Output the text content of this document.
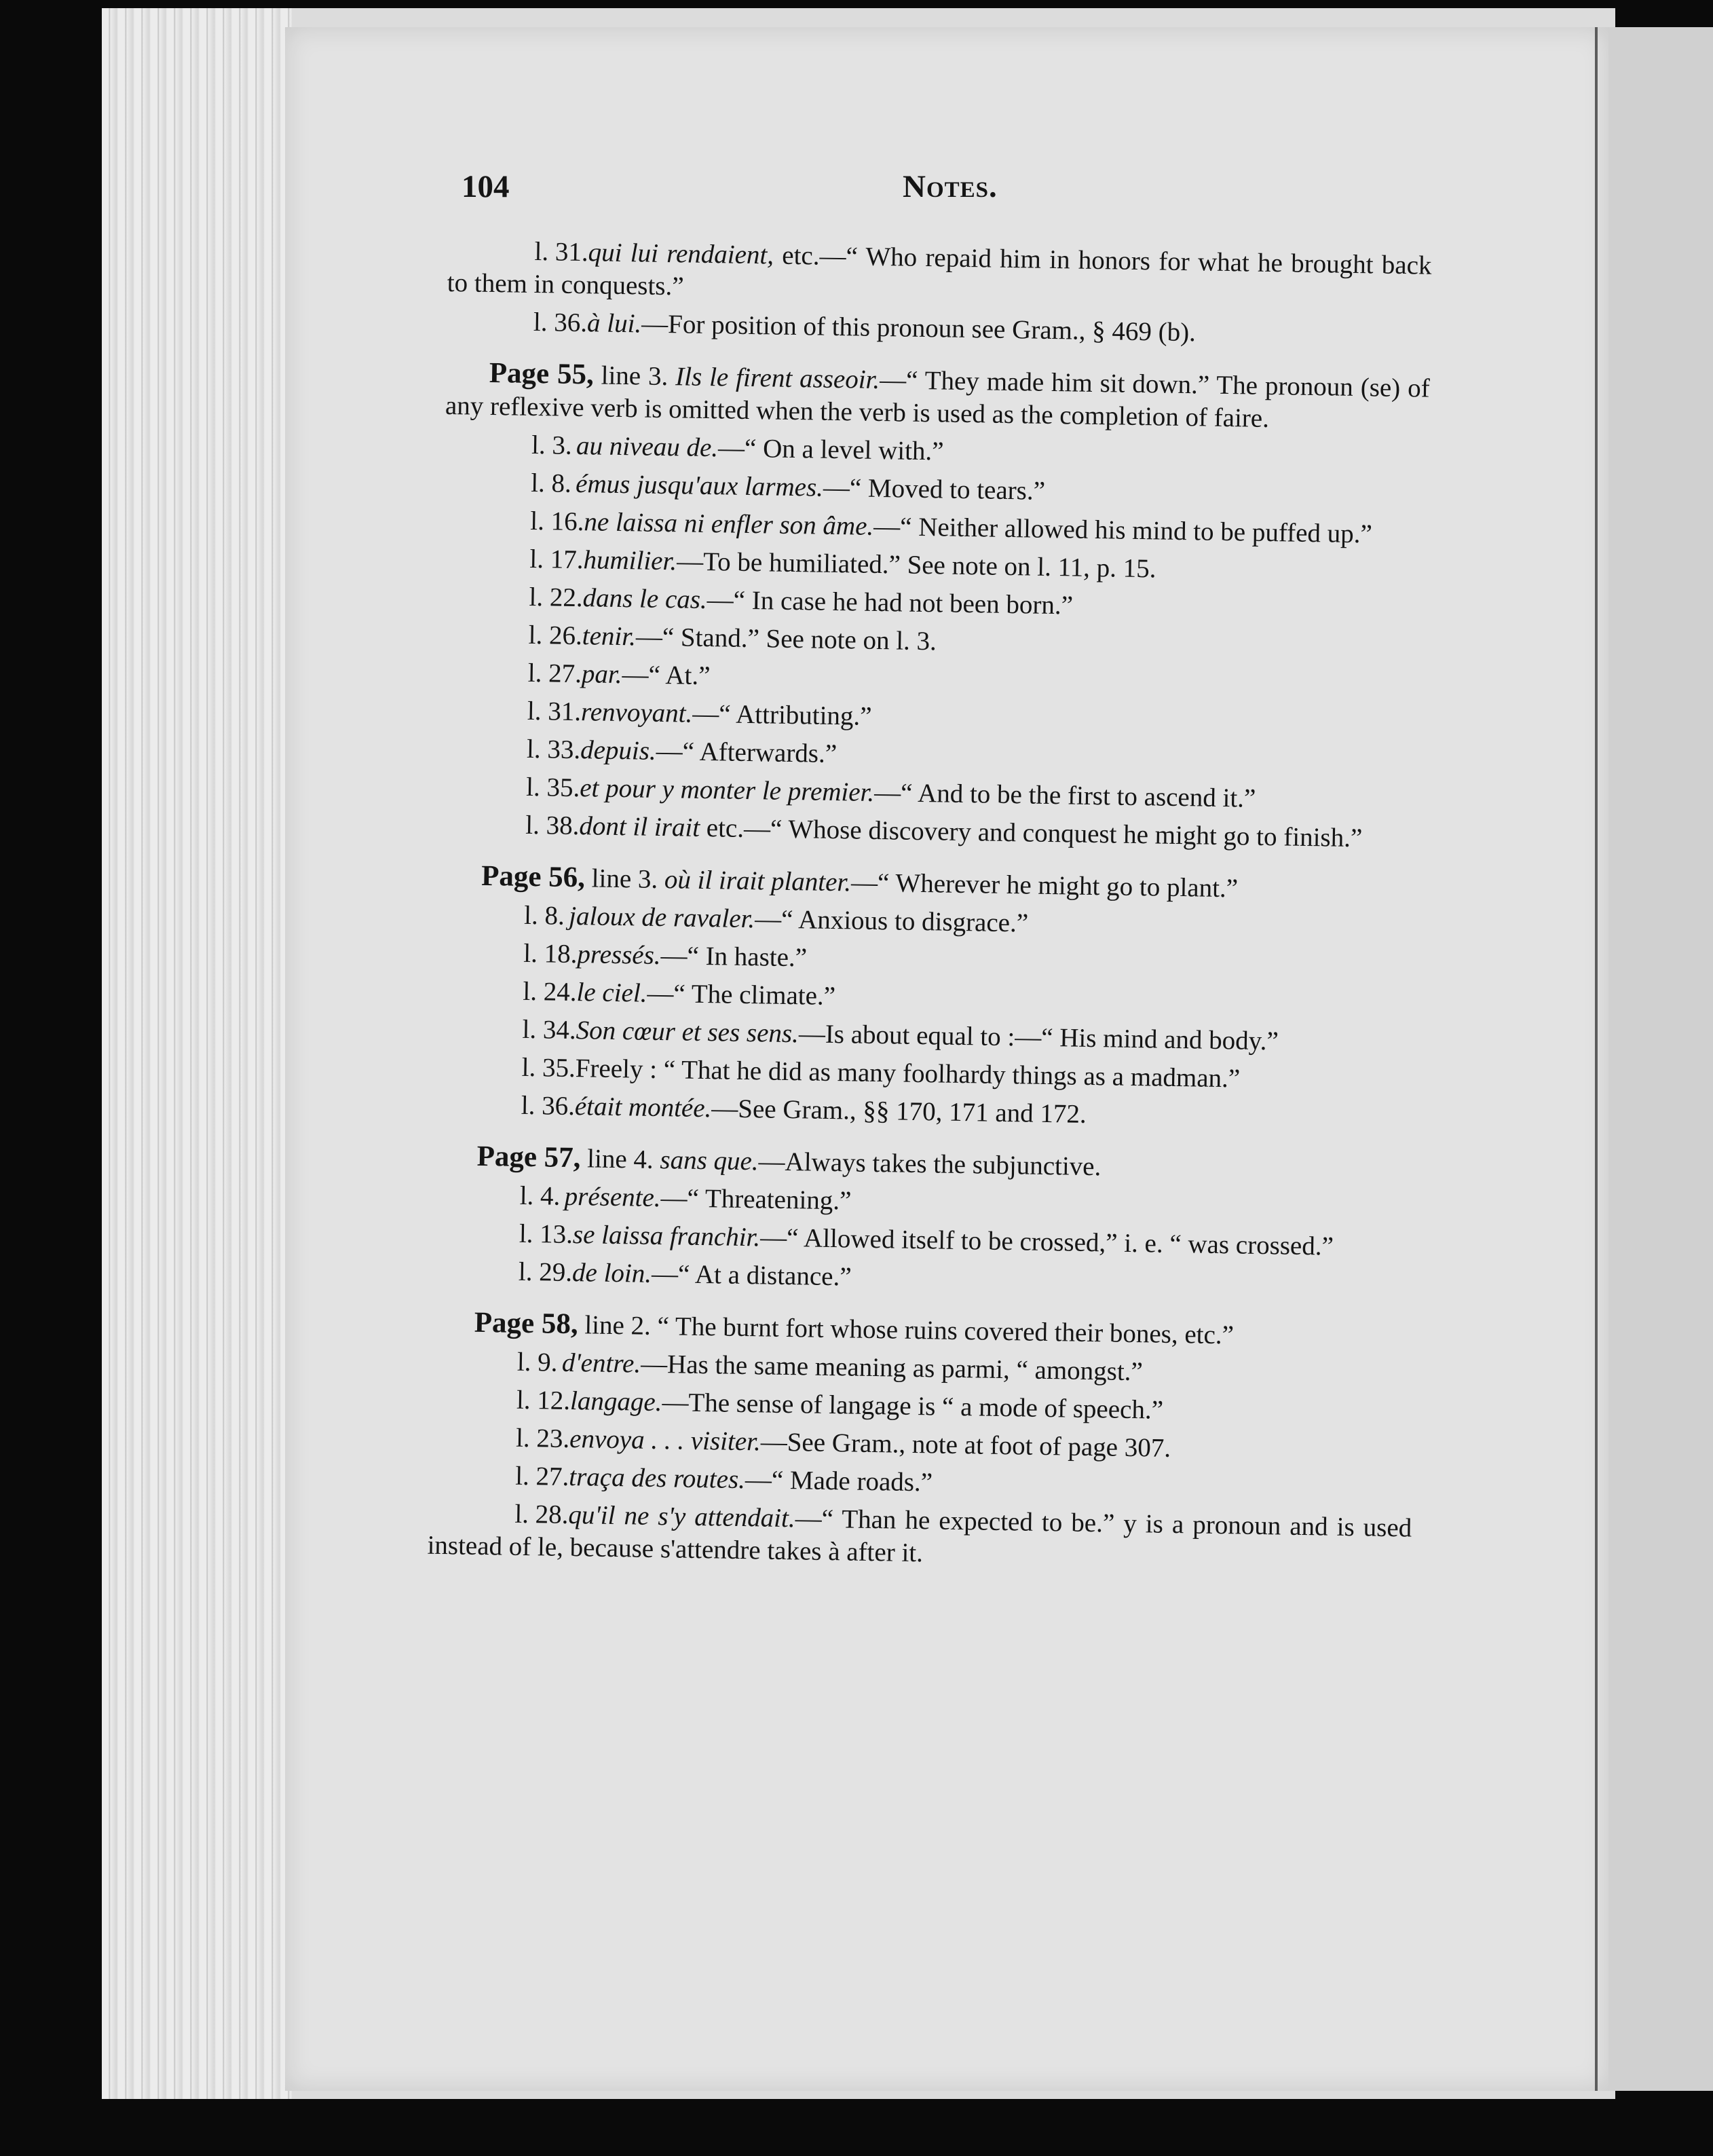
104	Notes.

l. 31.qui lui rendaient, etc.—“ Who repaid him in honors for what he brought back to them in conquests.”

l. 36.à lui.—For position of this pronoun see Gram., § 469 (b).

Page 55, line 3. Ils le firent asseoir.—“ They made him sit down.” The pronoun (se) of any reflexive verb is omitted when the verb is used as the completion of faire.

l. 3. au niveau de.—“ On a level with.”

l. 8. émus jusqu'aux larmes.—“ Moved to tears.”

l. 16.ne laissa ni enfler son âme.—“ Neither allowed his mind to be puffed up.”

l. 17.humilier.—To be humiliated.” See note on l. 11, p. 15.

l. 22.dans le cas.—“ In case he had not been born.”

l. 26.tenir.—“ Stand.” See note on l. 3.

l. 27.par.—“ At.”

l. 31.renvoyant.—“ Attributing.”

l. 33.depuis.—“ Afterwards.”

l. 35.et pour y monter le premier.—“ And to be the first to ascend it.”

l. 38.dont il irait etc.—“ Whose discovery and conquest he might go to finish.”

Page 56, line 3. où il irait planter.—“ Wherever he might go to plant.”

l. 8. jaloux de ravaler.—“ Anxious to disgrace.”

l. 18.pressés.—“ In haste.”

l. 24.le ciel.—“ The climate.”

l. 34.Son cœur et ses sens.—Is about equal to :—“ His mind and body.”

l. 35.Freely : “ That he did as many foolhardy things as a madman.”

l. 36.était montée.—See Gram., §§ 170, 171 and 172.

Page 57, line 4. sans que.—Always takes the subjunctive.

l. 4. présente.—“ Threatening.”

l. 13.se laissa franchir.—“ Allowed itself to be crossed,” i. e. “ was crossed.”

l. 29.de loin.—“ At a distance.”

Page 58, line 2. “ The burnt fort whose ruins covered their bones, etc.”

l. 9. d'entre.—Has the same meaning as parmi, “ amongst.”

l. 12.langage.—The sense of langage is “ a mode of speech.”

l. 23.envoya . . . visiter.—See Gram., note at foot of page 307.

l. 27.traça des routes.—“ Made roads.”

l. 28.qu'il ne s'y attendait.—“ Than he expected to be.” y is a pronoun and is used instead of le, because s'attendre takes à after it.
